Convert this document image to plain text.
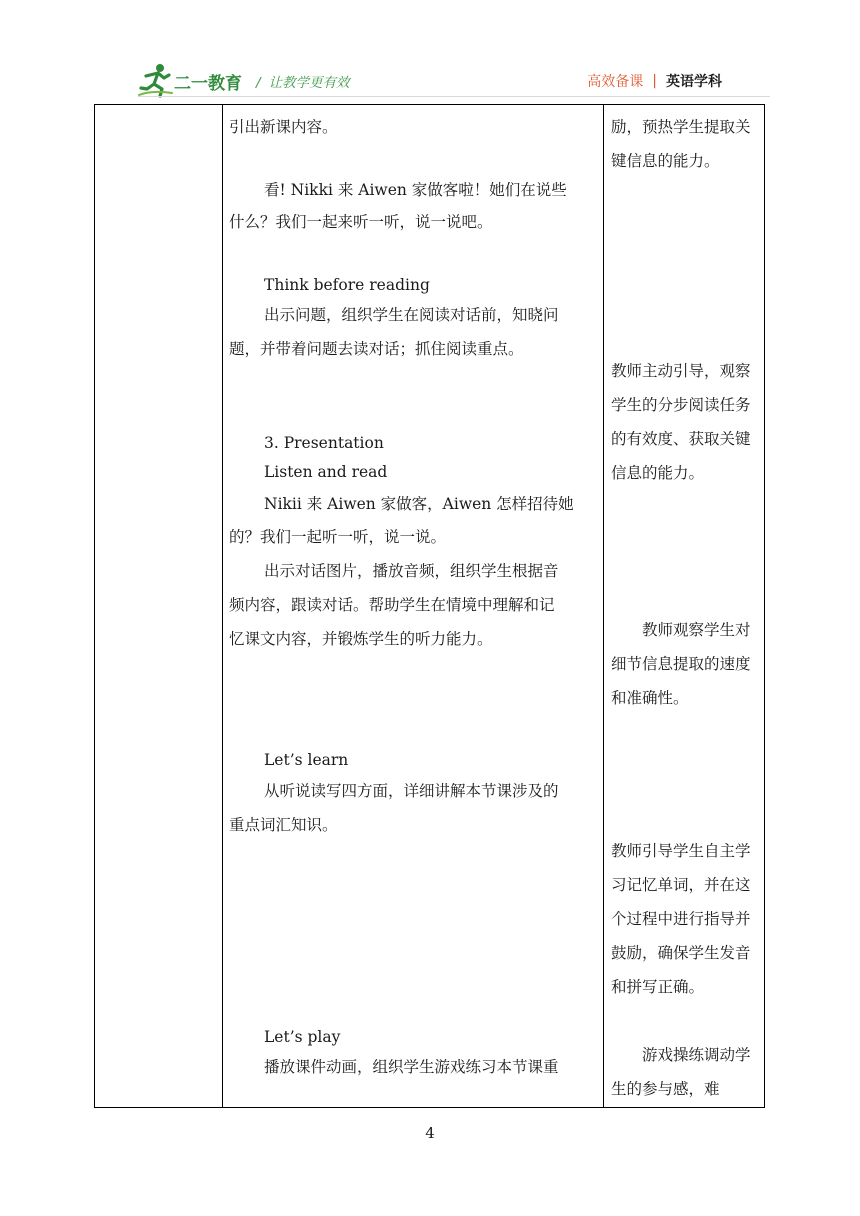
二一教育 / 让教学更有效	高效备课 | 英语学科
引出新课内容。
看! Nikki 来 Aiwen 家做客啦！她们在说些
什么？我们一起来听一听，说一说吧。
Think before reading
出示问题，组织学生在阅读对话前，知晓问
题，并带着问题去读对话；抓住阅读重点。
3. Presentation
Listen and read
Nikii 来 Aiwen 家做客，Aiwen 怎样招待她
的？我们一起听一听，说一说。
出示对话图片，播放音频，组织学生根据音
频内容，跟读对话。帮助学生在情境中理解和记
忆课文内容，并锻炼学生的听力能力。
Let’s learn
从听说读写四方面，详细讲解本节课涉及的
重点词汇知识。
Let’s play
播放课件动画，组织学生游戏练习本节课重
励，预热学生提取关键信息的能力。
教师主动引导，观察学生的分步阅读任务的有效度、获取关键信息的能力。
教师观察学生对细节信息提取的速度和准确性。
教师引导学生自主学习记忆单词，并在这个过程中进行指导并鼓励，确保学生发音和拼写正确。
游戏操练调动学生的参与感，难
4
